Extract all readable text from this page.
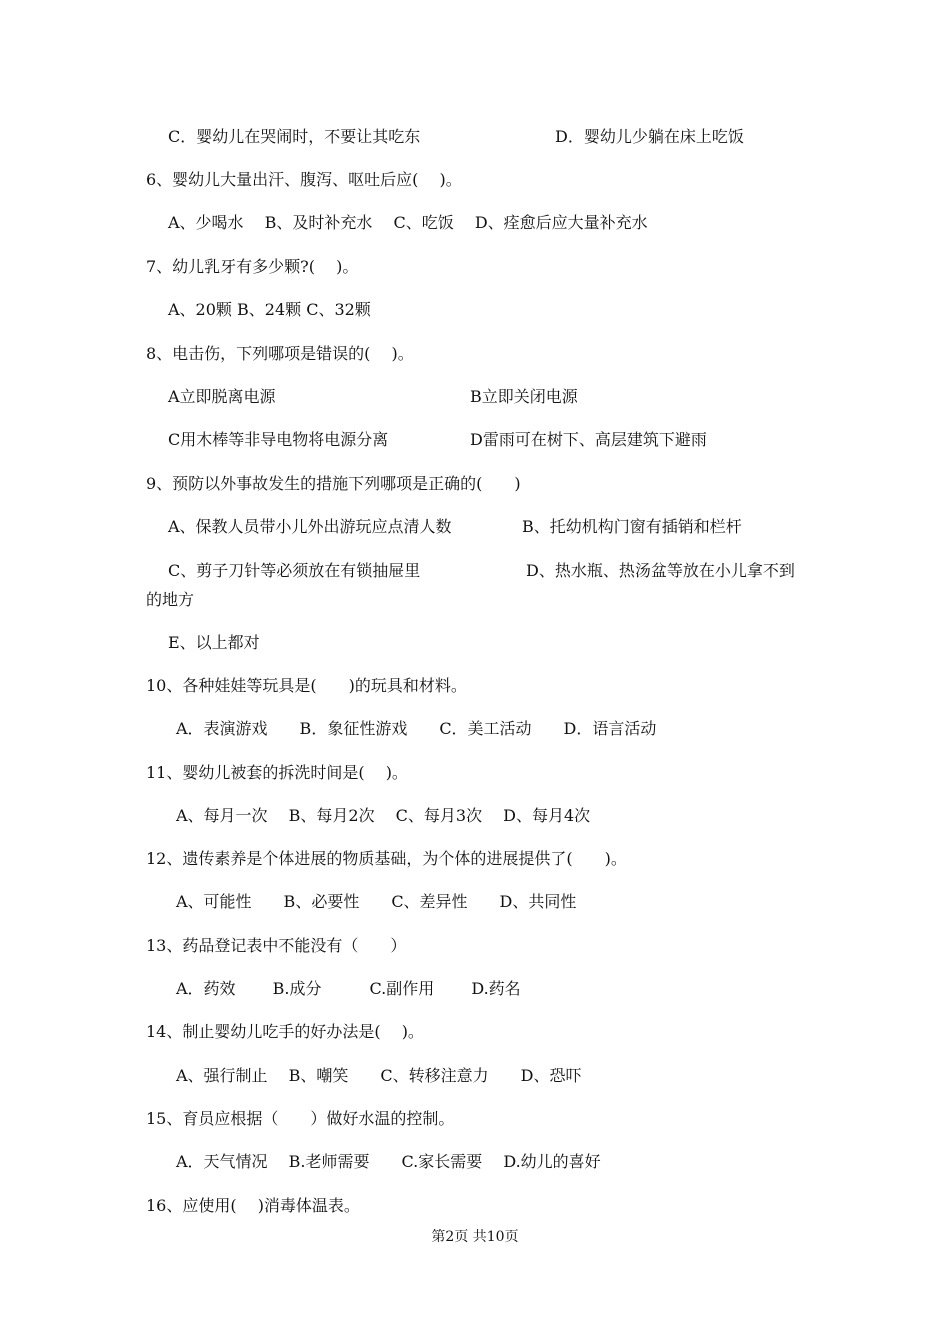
C．婴幼儿在哭闹时，不要让其吃东	D．婴幼儿少躺在床上吃饭
6、婴幼儿大量出汗、腹泻、呕吐后应(　 )。
A、少喝水　 B、及时补充水　 C、吃饭　 D、痊愈后应大量补充水
7、幼儿乳牙有多少颗?(　 )。
A、20颗 B、24颗 C、32颗
8、电击伤，下列哪项是错误的(　 )。
A立即脱离电源	B立即关闭电源
C用木棒等非导电物将电源分离	D雷雨可在树下、高层建筑下避雨
9、预防以外事故发生的措施下列哪项是正确的(　　)
A、保教人员带小儿外出游玩应点清人数	B、托幼机构门窗有插销和栏杆
C、剪子刀针等必须放在有锁抽屉里	D、热水瓶、热汤盆等放在小儿拿不到
的地方
E、以上都对
10、各种娃娃等玩具是(　　)的玩具和材料。
A．表演游戏　　B．象征性游戏　　C．美工活动　　D．语言活动
11、婴幼儿被套的拆洗时间是(　 )。
A、每月一次　 B、每月2次　 C、每月3次　 D、每月4次
12、遗传素养是个体进展的物质基础，为个体的进展提供了(　　)。
A、可能性　　B、必要性　　C、差异性　　D、共同性
13、药品登记表中不能没有（　　）
A．药效　　 B.成分　　　C.副作用　　 D.药名
14、制止婴幼儿吃手的好办法是(　 )。
A、强行制止　 B、嘲笑　　C、转移注意力　　D、恐吓
15、育员应根据（　　）做好水温的控制。
A．天气情况　 B.老师需要　　C.家长需要　 D.幼儿的喜好
16、应使用(　 )消毒体温表。
第2页 共10页
